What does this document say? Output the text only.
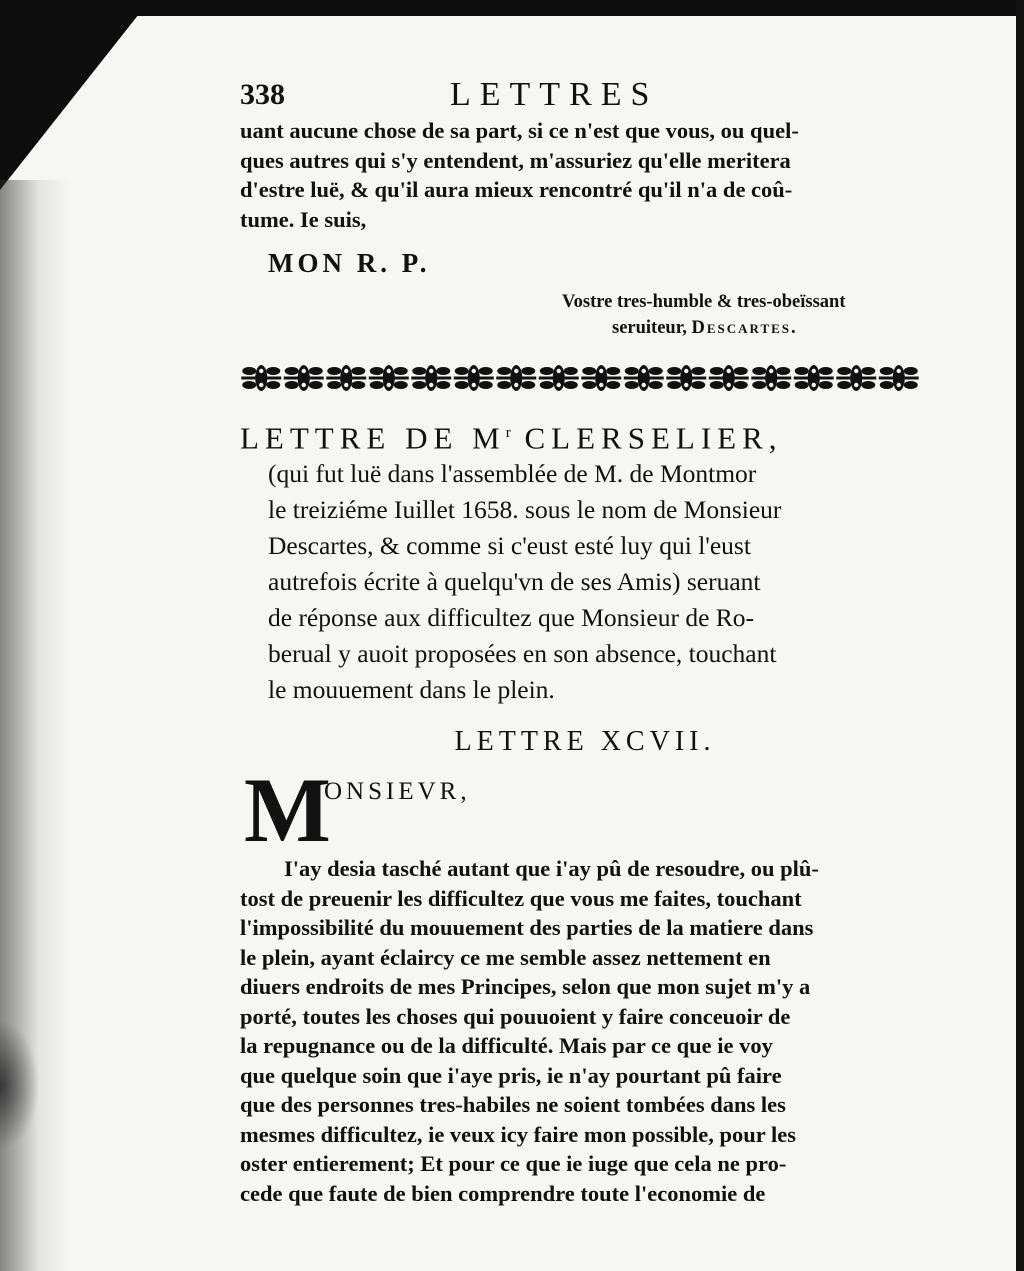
338	LETTRES
uant aucune chose de sa part, si ce n'est que vous, ou quel-
ques autres qui s'y entendent, m'assuriez qu'elle meritera
d'estre luë, & qu'il aura mieux rencontré qu'il n'a de coû-
tume. Ie suis,
MON R. P.
Vostre tres-humble & tres-obeïssant
seruiteur, Descartes.
LETTRE DE $M^r$ CLERSELIER,
(qui fut luë dans l'assemblée de M. de Montmor
le treiziéme Iuillet 1658. sous le nom de Monsieur
Descartes, & comme si c'eust esté luy qui l'eust
autrefois écrite à quelqu'vn de ses Amis) seruant
de réponse aux difficultez que Monsieur de Ro-
berual y auoit proposées en son absence, touchant
le mouuement dans le plein.
LETTRE XCVII.
M
ONSIEVR,
I'ay desia tasché autant que i'ay pû de resoudre, ou plû-
tost de preuenir les difficultez que vous me faites, touchant
l'impossibilité du mouuement des parties de la matiere dans
le plein, ayant éclaircy ce me semble assez nettement en
diuers endroits de mes Principes, selon que mon sujet m'y a
porté, toutes les choses qui pouuoient y faire conceuoir de
la repugnance ou de la difficulté. Mais par ce que ie voy
que quelque soin que i'aye pris, ie n'ay pourtant pû faire
que des personnes tres-habiles ne soient tombées dans les
mesmes difficultez, ie veux icy faire mon possible, pour les
oster entierement; Et pour ce que ie iuge que cela ne pro-
cede que faute de bien comprendre toute l'economie de
